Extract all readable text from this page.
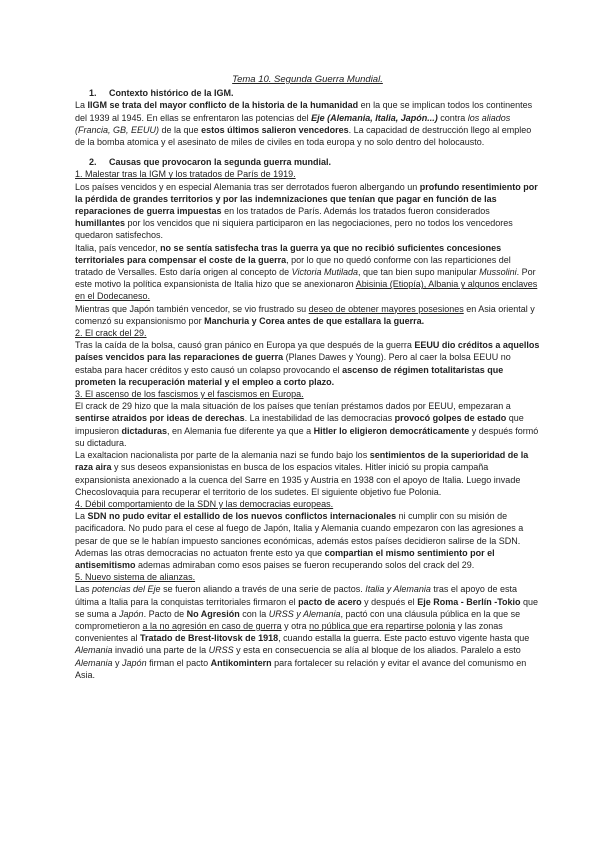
Tema 10. Segunda Guerra Mundial.
1. Contexto histórico de la IGM.

La IIGM se trata del mayor conflicto de la historia de la humanidad en la que se implican todos los continentes del 1939 al 1945. En ellas se enfrentaron las potencias del Eje (Alemania, Italia, Japón...) contra los aliados (Francia, GB, EEUU) de la que estos últimos salieron vencedores. La capacidad de destrucción llego al empleo de la bomba atomica y el asesinato de miles de civiles en toda europa y no solo dentro del holocausto.

2. Causas que provocaron la segunda guerra mundial.

1. Malestar tras la IGM y los tratados de París de 1919.

Los países vencidos y en especial Alemania tras ser derrotados fueron albergando un profundo resentimiento por la pérdida de grandes territorios y por las indemnizaciones que tenían que pagar en función de las reparaciones de guerra impuestas en los tratados de París. Además los tratados fueron considerados humillantes por los vencidos que ni siquiera participaron en las negociaciones, pero no todos los vencedores quedaron satisfechos.

Italia, país vencedor, no se sentía satisfecha tras la guerra ya que no recibió suficientes concesiones territoriales para compensar el coste de la guerra, por lo que no quedó conforme con las reparticiones del tratado de Versalles. Esto daría origen al concepto de Victoria Mutilada, que tan bien supo manipular Mussolini. Por este motivo la política expansionista de Italia hizo que se anexionaron Abisinia (Etiopía), Albania y algunos enclaves en el Dodecaneso.

Mientras que Japón también vencedor, se vio frustrado su deseo de obtener mayores posesiones en Asia oriental y comenzó su expansionismo por Manchuria y Corea antes de que estallara la guerra.

2. El crack del 29.

Tras la caída de la bolsa, causó gran pánico en Europa ya que después de la guerra EEUU dio créditos a aquellos países vencidos para las reparaciones de guerra (Planes Dawes y Young). Pero al caer la bolsa EEUU no estaba para hacer créditos y esto causó un colapso provocando el ascenso de régimen totalitaristas que prometen la recuperación material y el empleo a corto plazo.

3. El ascenso de los fascismos y el fascismos en Europa.

El crack de 29 hizo que la mala situación de los países que tenían préstamos dados por EEUU, empezaran a sentirse atraidos por ideas de derechas. La inestabilidad de las democracias provocó golpes de estado que impusieron dictaduras, en Alemania fue diferente ya que a Hitler lo eligieron democráticamente y después formó su dictadura.

La exaltacion nacionalista por parte de la alemania nazi se fundo bajo los sentimientos de la superioridad de la raza aira y sus deseos expansionistas en busca de los espacios vitales. Hitler inició su propia campaña expansionista anexionado a la cuenca del Sarre en 1935 y Austria en 1938 con el apoyo de Italia. Luego invade Checoslovaquia para recuperar el territorio de los sudetes. El siguiente objetivo fue Polonia.

4. Débil comportamiento de la SDN y las democracias europeas.

La SDN no pudo evitar el estallido de los nuevos conflictos internacionales ni cumplir con su misión de pacificadora. No pudo para el cese al fuego de Japón, Italia y Alemania cuando empezaron con las agresiones a pesar de que se le habían impuesto sanciones económicas, además estos países decidieron salirse de la SDN.

Ademas las otras democracias no actuaton frente esto ya que compartian el mismo sentimiento por el antisemitismo ademas admiraban como esos paises se fueron recuperando solos del crack del 29.

5. Nuevo sistema de alianzas.

Las potencias del Eje se fueron aliando a través de una serie de pactos. Italia y Alemania tras el apoyo de esta última a Italia para la conquistas territoriales firmaron el pacto de acero y después el Eje Roma - Berlín -Tokio que se suma a Japón. Pacto de No Agresión con la URSS y Alemania, pactó con una cláusula pública en la que se comprometieron a la no agresión en caso de guerra y otra no pública que era repartirse polonia y las zonas convenientes al Tratado de Brest-litovsk de 1918, cuando estalla la guerra. Este pacto estuvo vigente hasta que Alemania invadió una parte de la URSS y esta en consecuencia se alía al bloque de los aliados. Paralelo a esto Alemania y Japón firman el pacto Antikomintern para fortalecer su relación y evitar el avance del comunismo en Asia.
